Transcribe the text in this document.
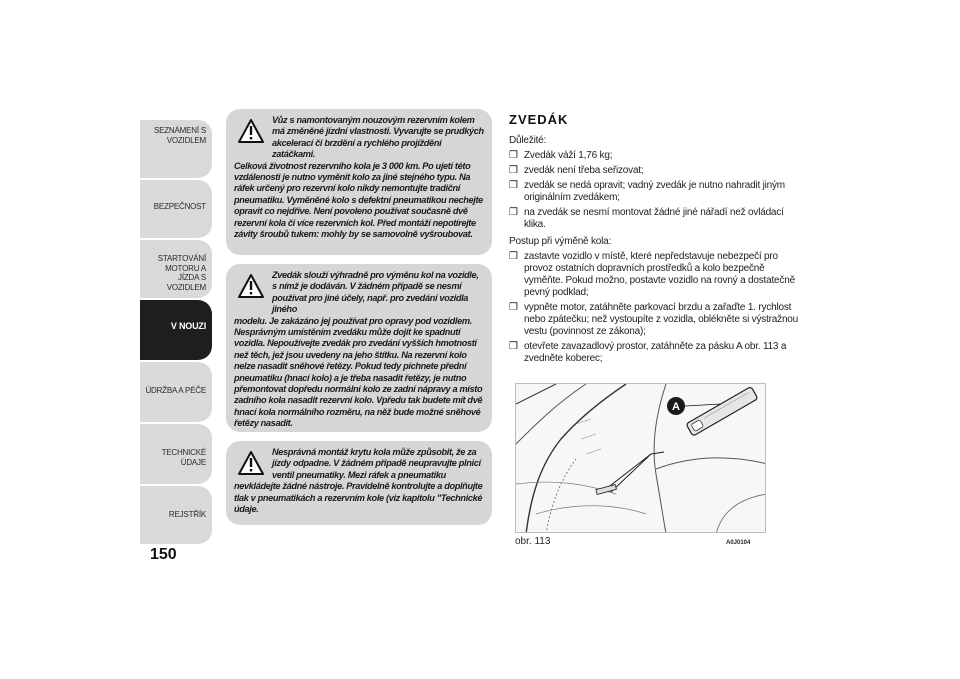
SEZNÁMENÍ S VOZIDLEM
BEZPEČNOST
STARTOVÁNÍ MOTORU A JÍZDA S VOZIDLEM
V NOUZI
ÚDRŽBA A PÉČE
TECHNICKÉ ÚDAJE
REJSTŘÍK
150
Vůz s namontovaným nouzovým rezervním kolem má změněné jízdní vlastnosti. Vyvarujte se prudkých akcelerací či brzdění a rychlého projíždění zatáčkami.
Celková životnost rezervního kola je 3 000 km. Po ujetí této vzdálenosti je nutno vyměnit kolo za jiné stejného typu. Na ráfek určený pro rezervní kolo nikdy nemontujte tradiční pneumatiku. Vyměněné kolo s defektní pneumatikou nechejte opravit co nejdříve. Není povoleno používat současně dvě rezervní kola či více rezervních kol. Před montáží nepotírejte závity šroubů tukem: mohly by se samovolně vyšroubovat.
Zvedák slouží výhradně pro výměnu kol na vozidle, s nímž je dodáván. V žádném případě se nesmí používat pro jiné účely, např. pro zvedání vozidla jiného
modelu. Je zakázáno jej používat pro opravy pod vozidlem. Nesprávným umístěním zvedáku může dojít ke spadnutí vozidla. Nepoužívejte zvedák pro zvedání vyšších hmotností než těch, jež jsou uvedeny na jeho štítku. Na rezervní kolo nelze nasadit sněhové řetězy. Pokud tedy píchnete přední pneumatiku (hnací kolo) a je třeba nasadit řetězy, je nutno přemontovat dopředu normální kolo ze zadní nápravy a místo zadního kola nasadit rezervní kolo. Vpředu tak budete mít dvě hnací kola normálního rozměru, na něž bude možné sněhové řetězy nasadit.
Nesprávná montáž krytu kola může způsobit, že za jízdy odpadne. V žádném případě neupravujte plnicí ventil pneumatiky. Mezi ráfek a pneumatiku
nevkládejte žádné nástroje. Pravidelně kontrolujte a doplňujte tlak v pneumatikách a rezervním kole (viz kapitolu "Technické údaje.
ZVEDÁK
Důležité:
❒ Zvedák váží 1,76 kg;
❒ zvedák není třeba seřizovat;
❒ zvedák se nedá opravit; vadný zvedák je nutno nahradit jiným originálním zvedákem;
❒ na zvedák se nesmí montovat žádné jiné nářadí než ovládací klika.
Postup při výměně kola:
❒ zastavte vozidlo v místě, které nepředstavuje nebezpečí pro provoz ostatních dopravních prostředků a kolo bezpečně vyměňte. Pokud možno, postavte vozidlo na rovný a dostatečně pevný podklad;
❒ vypněte motor, zatáhněte parkovací brzdu a zařaďte 1. rychlost nebo zpátečku; než vystoupíte z vozidla, oblékněte si výstražnou vestu (povinnost ze zákona);
❒ otevřete zavazadlový prostor, zatáhněte za pásku A obr. 113 a zvedněte koberec;
A
obr. 113	A0J0104
